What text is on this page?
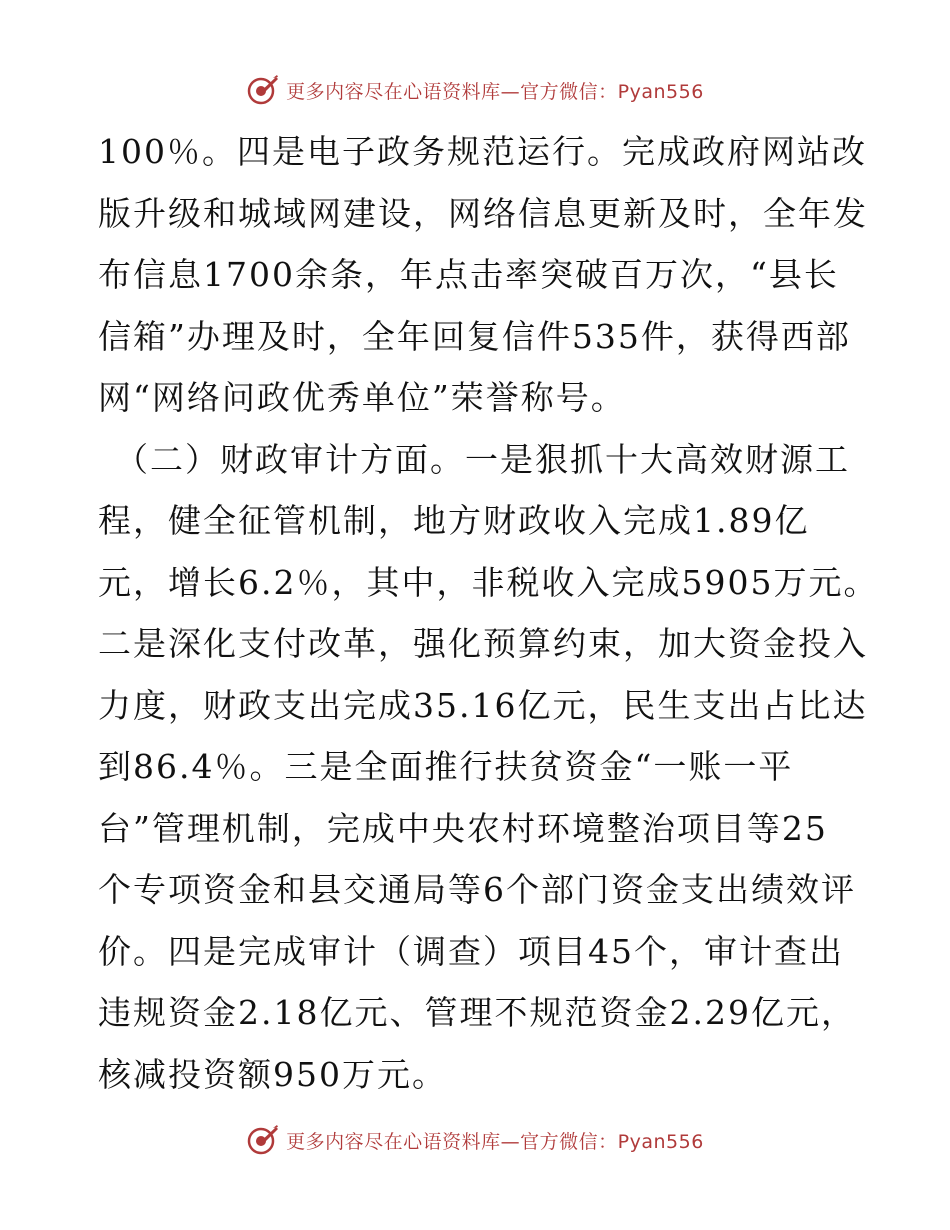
更多内容尽在心语资料库—官方微信：Pyan556
100％。四是电子政务规范运行。完成政府网站改
版升级和城域网建设，网络信息更新及时，全年发
布信息1700余条，年点击率突破百万次，“县长
信箱”办理及时，全年回复信件535件，获得西部
网“网络问政优秀单位”荣誉称号。
（二）财政审计方面。一是狠抓十大高效财源工
程，健全征管机制，地方财政收入完成1.89亿
元，增长6.2％，其中，非税收入完成5905万元。
二是深化支付改革，强化预算约束，加大资金投入
力度，财政支出完成35.16亿元，民生支出占比达
到86.4％。三是全面推行扶贫资金“一账一平
台”管理机制，完成中央农村环境整治项目等25
个专项资金和县交通局等6个部门资金支出绩效评
价。四是完成审计（调查）项目45个，审计查出
违规资金2.18亿元、管理不规范资金2.29亿元，
核减投资额950万元。
更多内容尽在心语资料库—官方微信：Pyan556
